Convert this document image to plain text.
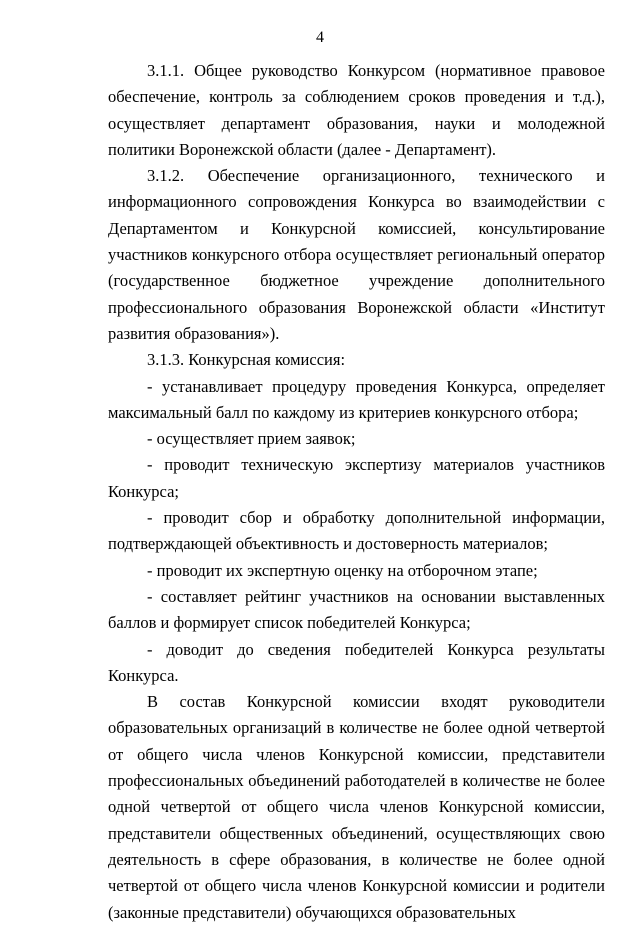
4

3.1.1. Общее руководство Конкурсом (нормативное правовое обеспечение, контроль за соблюдением сроков проведения и т.д.), осуществляет департамент образования, науки и молодежной политики Воронежской области (далее - Департамент).

3.1.2. Обеспечение организационного, технического и информационного сопровождения Конкурса во взаимодействии с Департаментом и Конкурсной комиссией, консультирование участников конкурсного отбора осуществляет региональный оператор (государственное бюджетное учреждение дополнительного профессионального образования Воронежской области «Институт развития образования»).

3.1.3. Конкурсная комиссия:

- устанавливает процедуру проведения Конкурса, определяет максимальный балл по каждому из критериев конкурсного отбора;

- осуществляет прием заявок;

- проводит техническую экспертизу материалов участников Конкурса;

- проводит сбор и обработку дополнительной информации, подтверждающей объективность и достоверность материалов;

- проводит их экспертную оценку на отборочном этапе;

- составляет рейтинг участников на основании выставленных баллов и формирует список победителей Конкурса;

- доводит до сведения победителей Конкурса результаты Конкурса.

В состав Конкурсной комиссии входят руководители образовательных организаций в количестве не более одной четвертой от общего числа членов Конкурсной комиссии, представители профессиональных объединений работодателей в количестве не более одной четвертой от общего числа членов Конкурсной комиссии, представители общественных объединений, осуществляющих свою деятельность в сфере образования, в количестве не более одной четвертой от общего числа членов Конкурсной комиссии и родители (законные представители) обучающихся образовательных
